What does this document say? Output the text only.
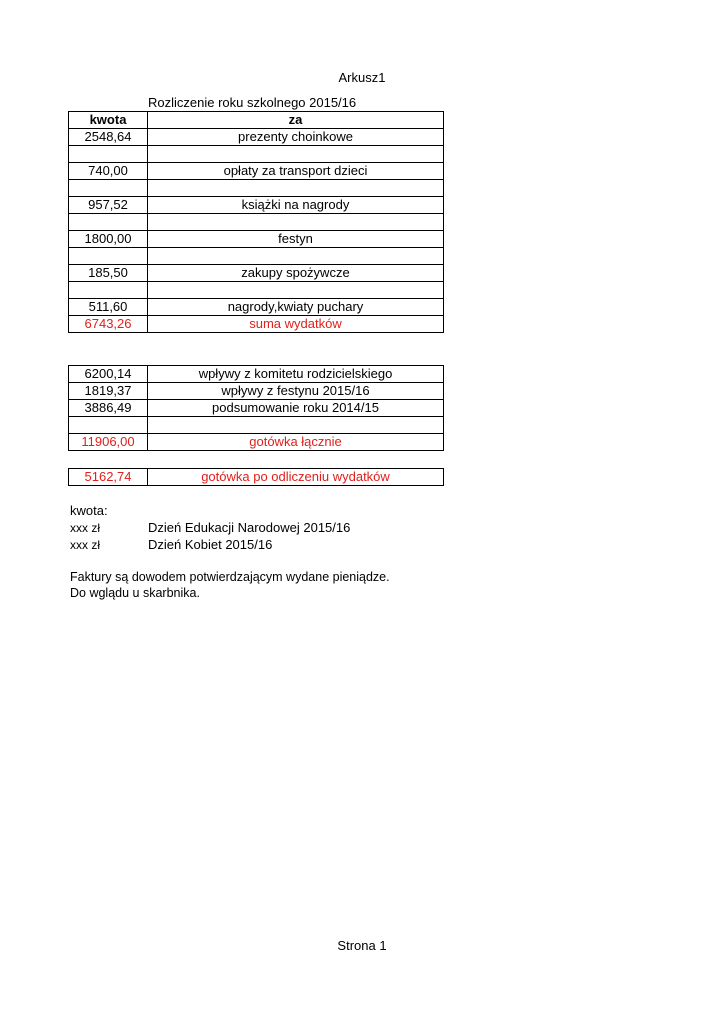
Arkusz1
Rozliczenie roku szkolnego 2015/16
kwota	za
2548,64	prezenty choinkowe

740,00	opłaty za transport dzieci

957,52	książki na nagrody

1800,00	festyn

185,50	zakupy spożywcze

511,60	nagrody,kwiaty puchary
6743,26	suma wydatków
6200,14	wpływy z komitetu rodzicielskiego
1819,37	wpływy z festynu 2015/16
3886,49	podsumowanie roku 2014/15

11906,00	gotówka łącznie
5162,74	gotówka po odliczeniu wydatków
kwota:
xxx zł	Dzień Edukacji Narodowej 2015/16
xxx zł	Dzień Kobiet 2015/16
Faktury są dowodem potwierdzającym wydane pieniądze.
Do wglądu u skarbnika.
Strona 1
